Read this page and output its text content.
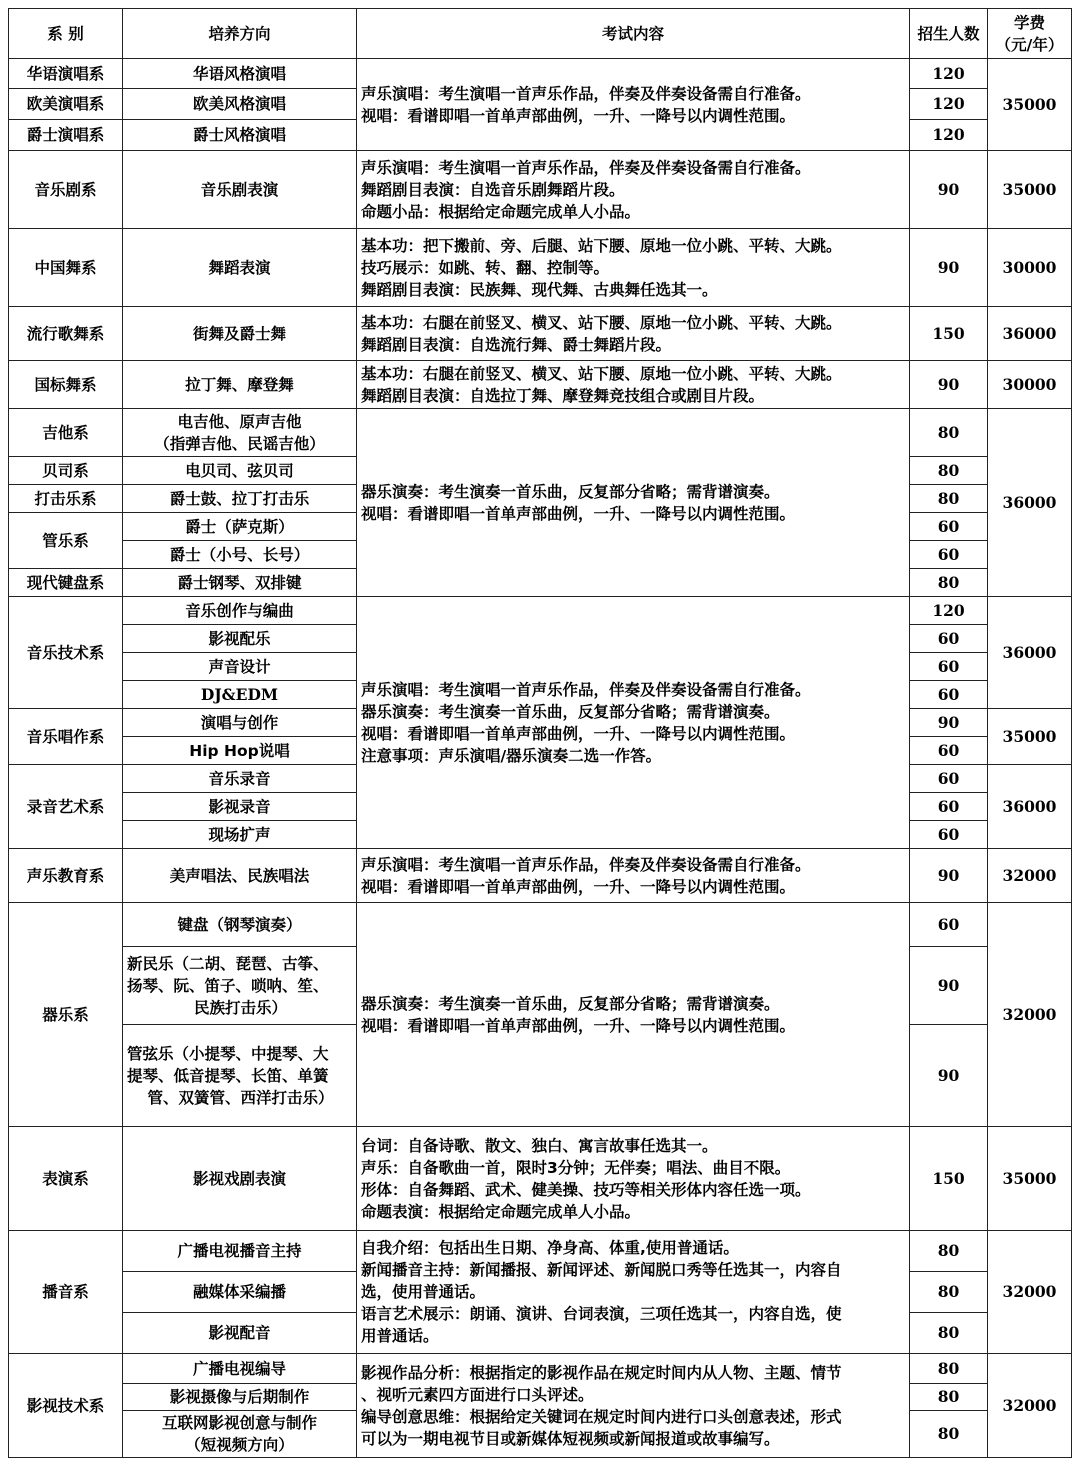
系 别	培养方向	考试内容	招生人数	学费
（元/年）

华语演唱系	华语风格演唱	声乐演唱：考生演唱一首声乐作品，伴奏及伴奏设备需自行准备。
视唱：看谱即唱一首单声部曲例，一升、一降号以内调性范围。	120	35000
欧美演唱系	欧美风格演唱		120	
爵士演唱系	爵士风格演唱		120	
音乐剧系	音乐剧表演	声乐演唱：考生演唱一首声乐作品，伴奏及伴奏设备需自行准备。
舞蹈剧目表演：自选音乐剧舞蹈片段。
命题小品：根据给定命题完成单人小品。	90	35000
中国舞系	舞蹈表演	基本功：把下搬前、旁、后腿、站下腰、原地一位小跳、平转、大跳。
技巧展示：如跳、转、翻、控制等。
舞蹈剧目表演：民族舞、现代舞、古典舞任选其一。	90	30000
流行歌舞系	街舞及爵士舞	基本功：右腿在前竖叉、横叉、站下腰、原地一位小跳、平转、大跳。
舞蹈剧目表演：自选流行舞、爵士舞蹈片段。	150	36000
国标舞系	拉丁舞、摩登舞	基本功：右腿在前竖叉、横叉、站下腰、原地一位小跳、平转、大跳。
舞蹈剧目表演：自选拉丁舞、摩登舞竞技组合或剧目片段。	90	30000
吉他系	电吉他、原声吉他
（指弹吉他、民谣吉他）	器乐演奏：考生演奏一首乐曲，反复部分省略；需背谱演奏。
视唱：看谱即唱一首单声部曲例，一升、一降号以内调性范围。	80	36000
贝司系	电贝司、弦贝司		80	
打击乐系	爵士鼓、拉丁打击乐		80	
管乐系	爵士（萨克斯）		60	
	爵士（小号、长号）		60	
现代键盘系	爵士钢琴、双排键		80	
音乐技术系	音乐创作与编曲	声乐演唱：考生演唱一首声乐作品，伴奏及伴奏设备需自行准备。
器乐演奏：考生演奏一首乐曲，反复部分省略；需背谱演奏。
视唱：看谱即唱一首单声部曲例，一升、一降号以内调性范围。
注意事项：声乐演唱/器乐演奏二选一作答。	120	36000
	影视配乐		60	
	声音设计		60	
	DJ&EDM		60	
音乐唱作系	演唱与创作		90	35000
	Hip Hop说唱		60	
录音艺术系	音乐录音		60	36000
	影视录音		60	
	现场扩声		60	
声乐教育系	美声唱法、民族唱法	声乐演唱：考生演唱一首声乐作品，伴奏及伴奏设备需自行准备。
视唱：看谱即唱一首单声部曲例，一升、一降号以内调性范围。	90	32000
器乐系	键盘（钢琴演奏）	器乐演奏：考生演奏一首乐曲，反复部分省略；需背谱演奏。
视唱：看谱即唱一首单声部曲例，一升、一降号以内调性范围。	60	32000

	新民乐（二胡、琵琶、古筝、
扬琴、阮、笛子、唢呐、笙、
民族打击乐）		90	

	管弦乐（小提琴、中提琴、大
提琴、低音提琴、长笛、单簧
管、双簧管、西洋打击乐）		90	
表演系	影视戏剧表演	台词：自备诗歌、散文、独白、寓言故事任选其一。
声乐：自备歌曲一首，限时3分钟；无伴奏；唱法、曲目不限。
形体：自备舞蹈、武术、健美操、技巧等相关形体内容任选一项。
命题表演：根据给定命题完成单人小品。	150	35000
播音系	广播电视播音主持	自我介绍：包括出生日期、净身高、体重,使用普通话。
新闻播音主持：新闻播报、新闻评述、新闻脱口秀等任选其一，内容自
选，使用普通话。
语言艺术展示：朗诵、演讲、台词表演，三项任选其一，内容自选，使
用普通话。	80	32000
	融媒体采编播		80	
	影视配音		80	
影视技术系	广播电视编导	影视作品分析：根据指定的影视作品在规定时间内从人物、主题、情节
、视听元素四方面进行口头评述。
编导创意思维：根据给定关键词在规定时间内进行口头创意表述，形式
可以为一期电视节目或新媒体短视频或新闻报道或故事编写。	80	32000
	影视摄像与后期制作		80	

	互联网影视创意与制作
（短视频方向）		80	
